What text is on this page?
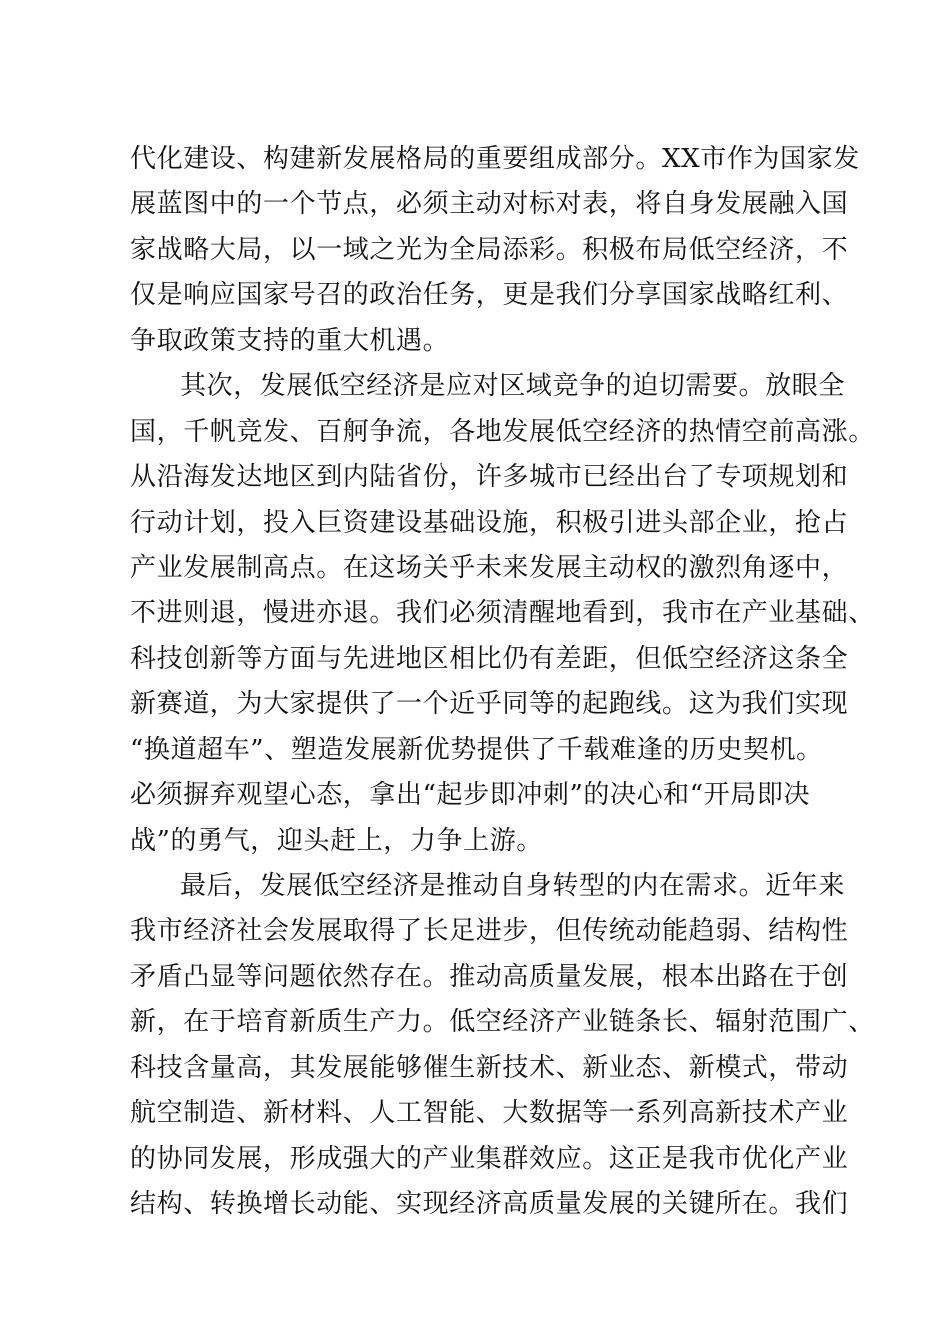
代化建设、构建新发展格局的重要组成部分。XX市作为国家发
展蓝图中的一个节点，必须主动对标对表，将自身发展融入国
家战略大局，以一域之光为全局添彩。积极布局低空经济，不
仅是响应国家号召的政治任务，更是我们分享国家战略红利、
争取政策支持的重大机遇。
其次，发展低空经济是应对区域竞争的迫切需要。放眼全
国，千帆竞发、百舸争流，各地发展低空经济的热情空前高涨。
从沿海发达地区到内陆省份，许多城市已经出台了专项规划和
行动计划，投入巨资建设基础设施，积极引进头部企业，抢占
产业发展制高点。在这场关乎未来发展主动权的激烈角逐中，
不进则退，慢进亦退。我们必须清醒地看到，我市在产业基础、
科技创新等方面与先进地区相比仍有差距，但低空经济这条全
新赛道，为大家提供了一个近乎同等的起跑线。这为我们实现
“换道超车”、塑造发展新优势提供了千载难逢的历史契机。
必须摒弃观望心态，拿出“起步即冲刺”的决心和“开局即决
战”的勇气，迎头赶上，力争上游。
最后，发展低空经济是推动自身转型的内在需求。近年来
我市经济社会发展取得了长足进步，但传统动能趋弱、结构性
矛盾凸显等问题依然存在。推动高质量发展，根本出路在于创
新，在于培育新质生产力。低空经济产业链条长、辐射范围广、
科技含量高，其发展能够催生新技术、新业态、新模式，带动
航空制造、新材料、人工智能、大数据等一系列高新技术产业
的协同发展，形成强大的产业集群效应。这正是我市优化产业
结构、转换增长动能、实现经济高质量发展的关键所在。我们
